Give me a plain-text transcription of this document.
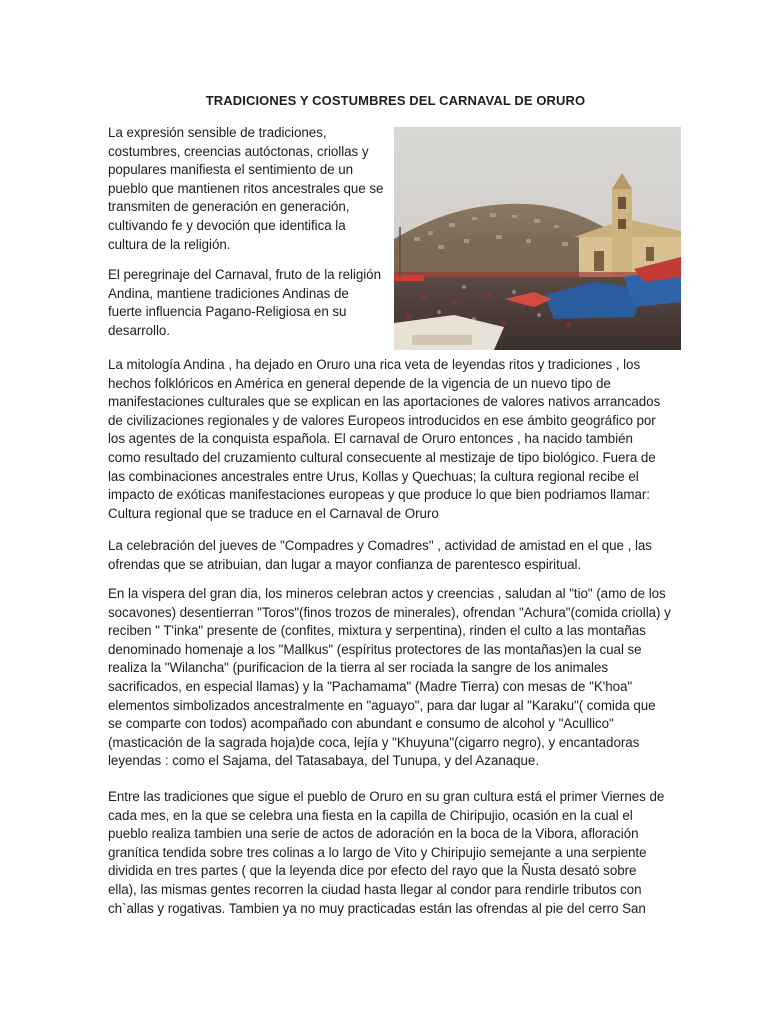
TRADICIONES Y COSTUMBRES DEL CARNAVAL DE ORURO

La expresión sensible de tradiciones, costumbres, creencias autóctonas, criollas y populares manifiesta el sentimiento de un pueblo que mantienen ritos ancestrales que se transmiten de generación en generación, cultivando fe y devoción que identifica la cultura de la religión.

El peregrinaje del Carnaval, fruto de la religión Andina, mantiene tradiciones Andinas de fuerte influencia Pagano-Religiosa en su desarrollo.

La mitología Andina , ha dejado en Oruro una rica veta de leyendas ritos y tradiciones , los hechos folklóricos en América en general depende de la vigencia de un nuevo tipo de manifestaciones culturales que se explican en las aportaciones de valores nativos arrancados de civilizaciones regionales y de valores Europeos introducidos en ese ámbito geográfico por los agentes de la conquista española. El carnaval de Oruro entonces , ha nacido también como resultado del cruzamiento cultural consecuente al mestizaje de tipo biológico. Fuera de las combinaciones ancestrales entre Urus, Kollas y Quechuas; la cultura regional recibe el impacto de exóticas manifestaciones europeas y que produce lo que bien podriamos llamar: Cultura regional que se traduce en el Carnaval de Oruro

La celebración del jueves de "Compadres y Comadres" , actividad de amistad en el que , las ofrendas que se atribuian, dan lugar a mayor confianza de parentesco espiritual.

En la vispera del gran dia, los mineros celebran actos y creencias , saludan al "tio" (amo de los socavones) desentierran "Toros"(finos trozos de minerales), ofrendan "Achura"(comida criolla) y reciben " T'inka" presente de (confites, mixtura y serpentina), rinden el culto a las montañas denominado homenaje a los "Mallkus" (espíritus protectores de las montañas)en la cual se realiza la "Wilancha" (purificacion de la tierra al ser rociada la sangre de los animales sacrificados, en especial llamas) y la "Pachamama" (Madre Tierra) con mesas de "K'hoa" elementos simbolizados ancestralmente en "aguayo", para dar lugar al "Karaku"( comida que se comparte con todos) acompañado con abundant e consumo de alcohol y "Acullico"(masticación de la sagrada hoja)de coca, lejía y "Khuyuna"(cigarro negro), y encantadoras leyendas : como el Sajama, del Tatasabaya, del Tunupa, y del Azanaque.

Entre las tradiciones que sigue el pueblo de Oruro en su gran cultura está el primer Viernes de cada mes, en la que se celebra una fiesta en la capilla de Chiripujio, ocasión en la cual el pueblo realiza tambien una serie de actos de adoración en la boca de la Vibora, afloración granítica tendida sobre tres colinas a lo largo de Vito y Chiripujio semejante a una serpiente dividida en tres partes ( que la leyenda dice por efecto del rayo que la Ñusta desató sobre ella), las mismas gentes recorren la ciudad hasta llegar al condor para rendirle tributos con ch`allas y rogativas. Tambien ya no muy practicadas están las ofrendas al pie del cerro San
